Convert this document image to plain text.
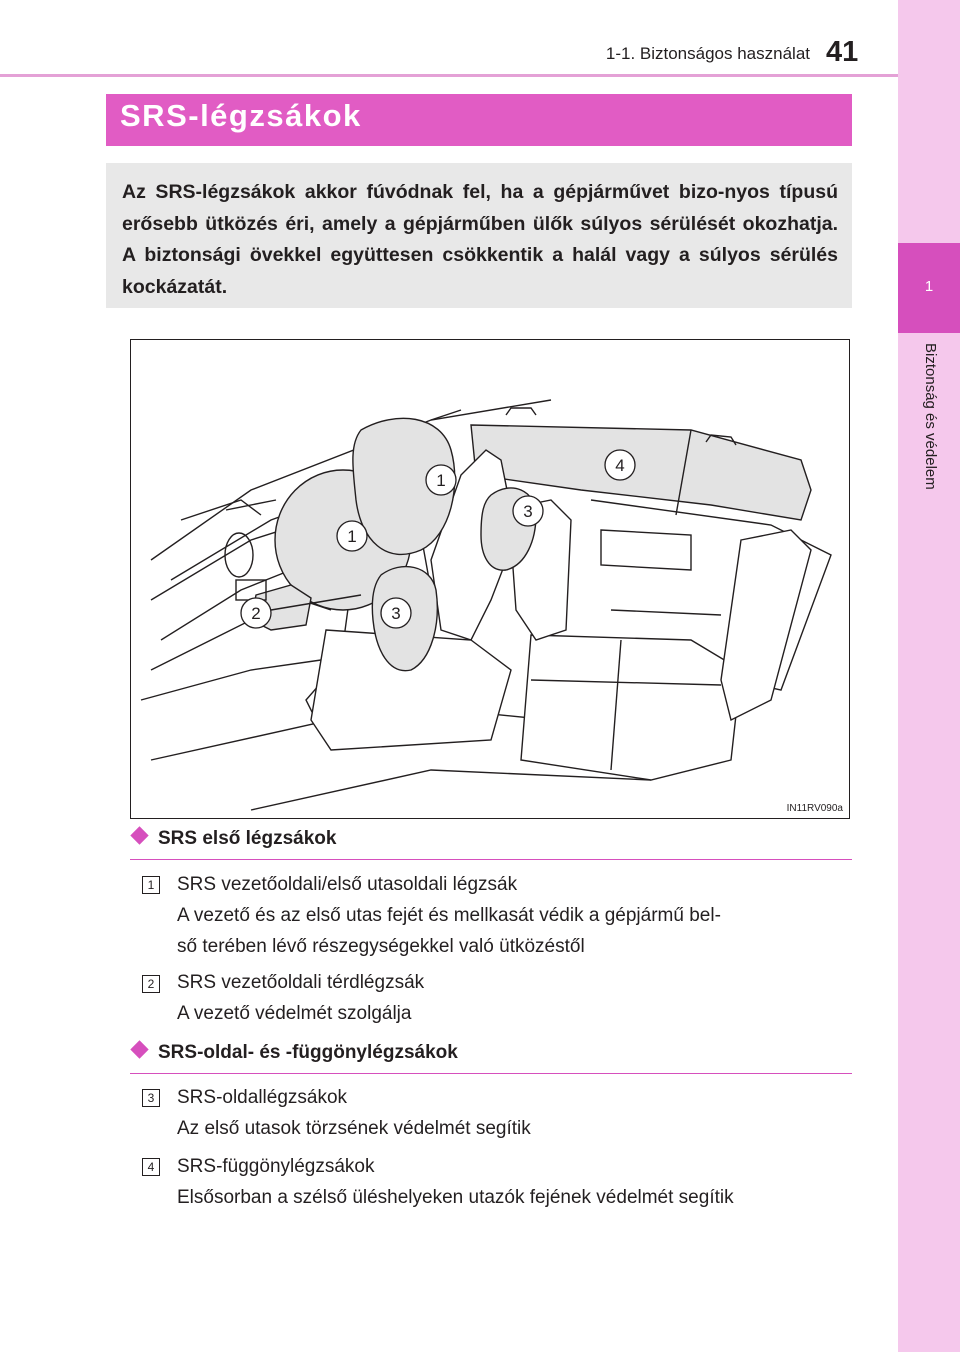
1-1. Biztonságos használat 41
1
Biztonság és védelem
SRS-légzsákok
Az SRS-légzsákok akkor fúvódnak fel, ha a gépjárművet bizo-nyos típusú erősebb ütközés éri, amely a gépjárműben ülők súlyos sérülését okozhatja. A biztonsági övekkel együttesen csökkentik a halál vagy a súlyos sérülés kockázatát.
1
1
2
3
3
4
IN11RV090a
SRS első légzsákok
1 SRS vezetőoldali/első utasoldali légzsák
A vezető és az első utas fejét és mellkasát védik a gépjármű bel-
ső terében lévő részegységekkel való ütközéstől
2 SRS vezetőoldali térdlégzsák
A vezető védelmét szolgálja
SRS-oldal- és -függönylégzsákok
3 SRS-oldallégzsákok
Az első utasok törzsének védelmét segítik
4 SRS-függönylégzsákok
Elsősorban a szélső üléshelyeken utazók fejének védelmét segítik
